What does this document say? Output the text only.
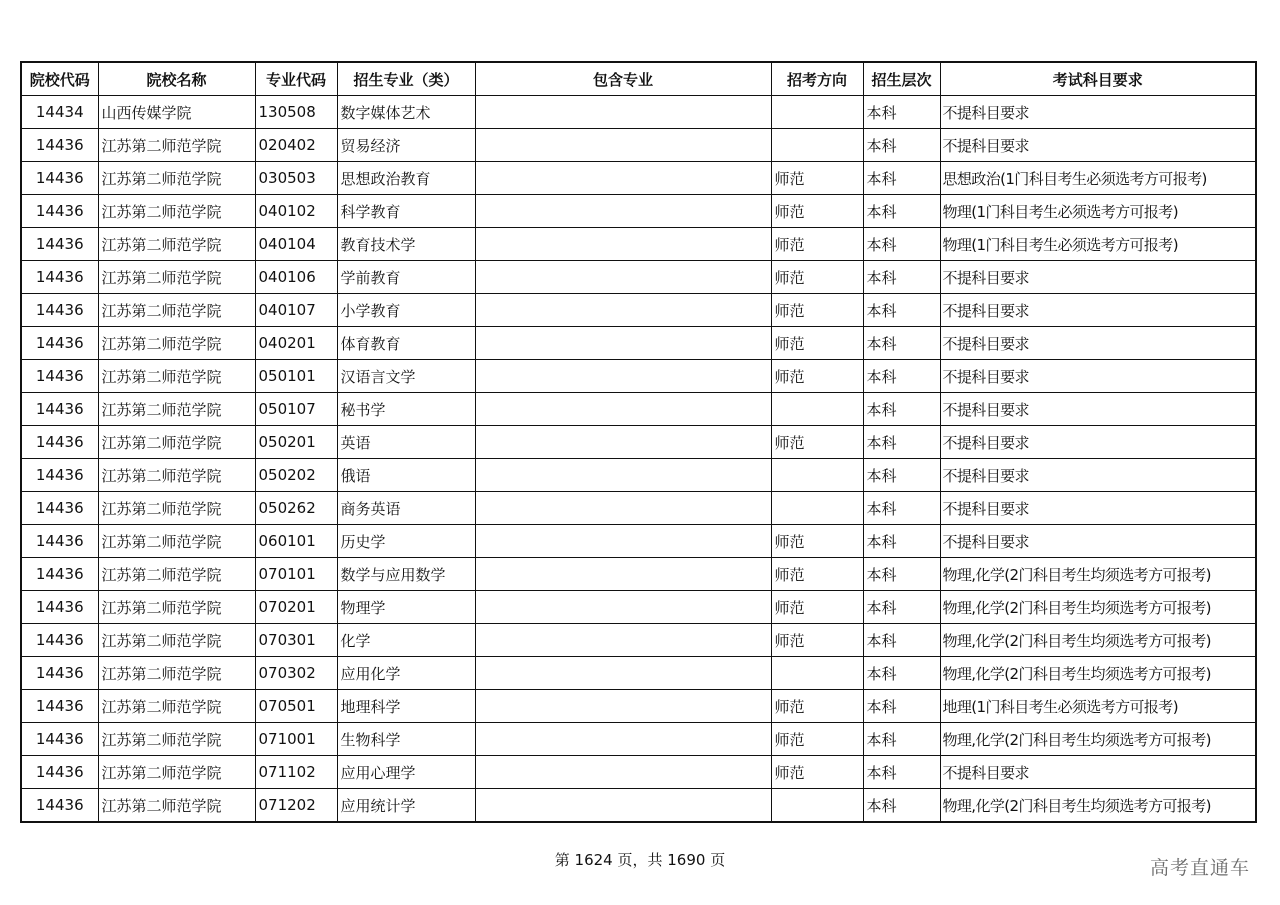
院校代码	院校名称	专业代码	招生专业（类）	包含专业	招考方向	招生层次	考试科目要求
14434	山西传媒学院	130508	数字媒体艺术			本科	不提科目要求
14436	江苏第二师范学院	020402	贸易经济			本科	不提科目要求
14436	江苏第二师范学院	030503	思想政治教育		师范	本科	思想政治(1门科目考生必须选考方可报考)
14436	江苏第二师范学院	040102	科学教育		师范	本科	物理(1门科目考生必须选考方可报考)
14436	江苏第二师范学院	040104	教育技术学		师范	本科	物理(1门科目考生必须选考方可报考)
14436	江苏第二师范学院	040106	学前教育		师范	本科	不提科目要求
14436	江苏第二师范学院	040107	小学教育		师范	本科	不提科目要求
14436	江苏第二师范学院	040201	体育教育		师范	本科	不提科目要求
14436	江苏第二师范学院	050101	汉语言文学		师范	本科	不提科目要求
14436	江苏第二师范学院	050107	秘书学			本科	不提科目要求
14436	江苏第二师范学院	050201	英语		师范	本科	不提科目要求
14436	江苏第二师范学院	050202	俄语			本科	不提科目要求
14436	江苏第二师范学院	050262	商务英语			本科	不提科目要求
14436	江苏第二师范学院	060101	历史学		师范	本科	不提科目要求
14436	江苏第二师范学院	070101	数学与应用数学		师范	本科	物理,化学(2门科目考生均须选考方可报考)
14436	江苏第二师范学院	070201	物理学		师范	本科	物理,化学(2门科目考生均须选考方可报考)
14436	江苏第二师范学院	070301	化学		师范	本科	物理,化学(2门科目考生均须选考方可报考)
14436	江苏第二师范学院	070302	应用化学			本科	物理,化学(2门科目考生均须选考方可报考)
14436	江苏第二师范学院	070501	地理科学		师范	本科	地理(1门科目考生必须选考方可报考)
14436	江苏第二师范学院	071001	生物科学		师范	本科	物理,化学(2门科目考生均须选考方可报考)
14436	江苏第二师范学院	071102	应用心理学		师范	本科	不提科目要求
14436	江苏第二师范学院	071202	应用统计学			本科	物理,化学(2门科目考生均须选考方可报考)
第 1624 页，共 1690 页	高考直通车
